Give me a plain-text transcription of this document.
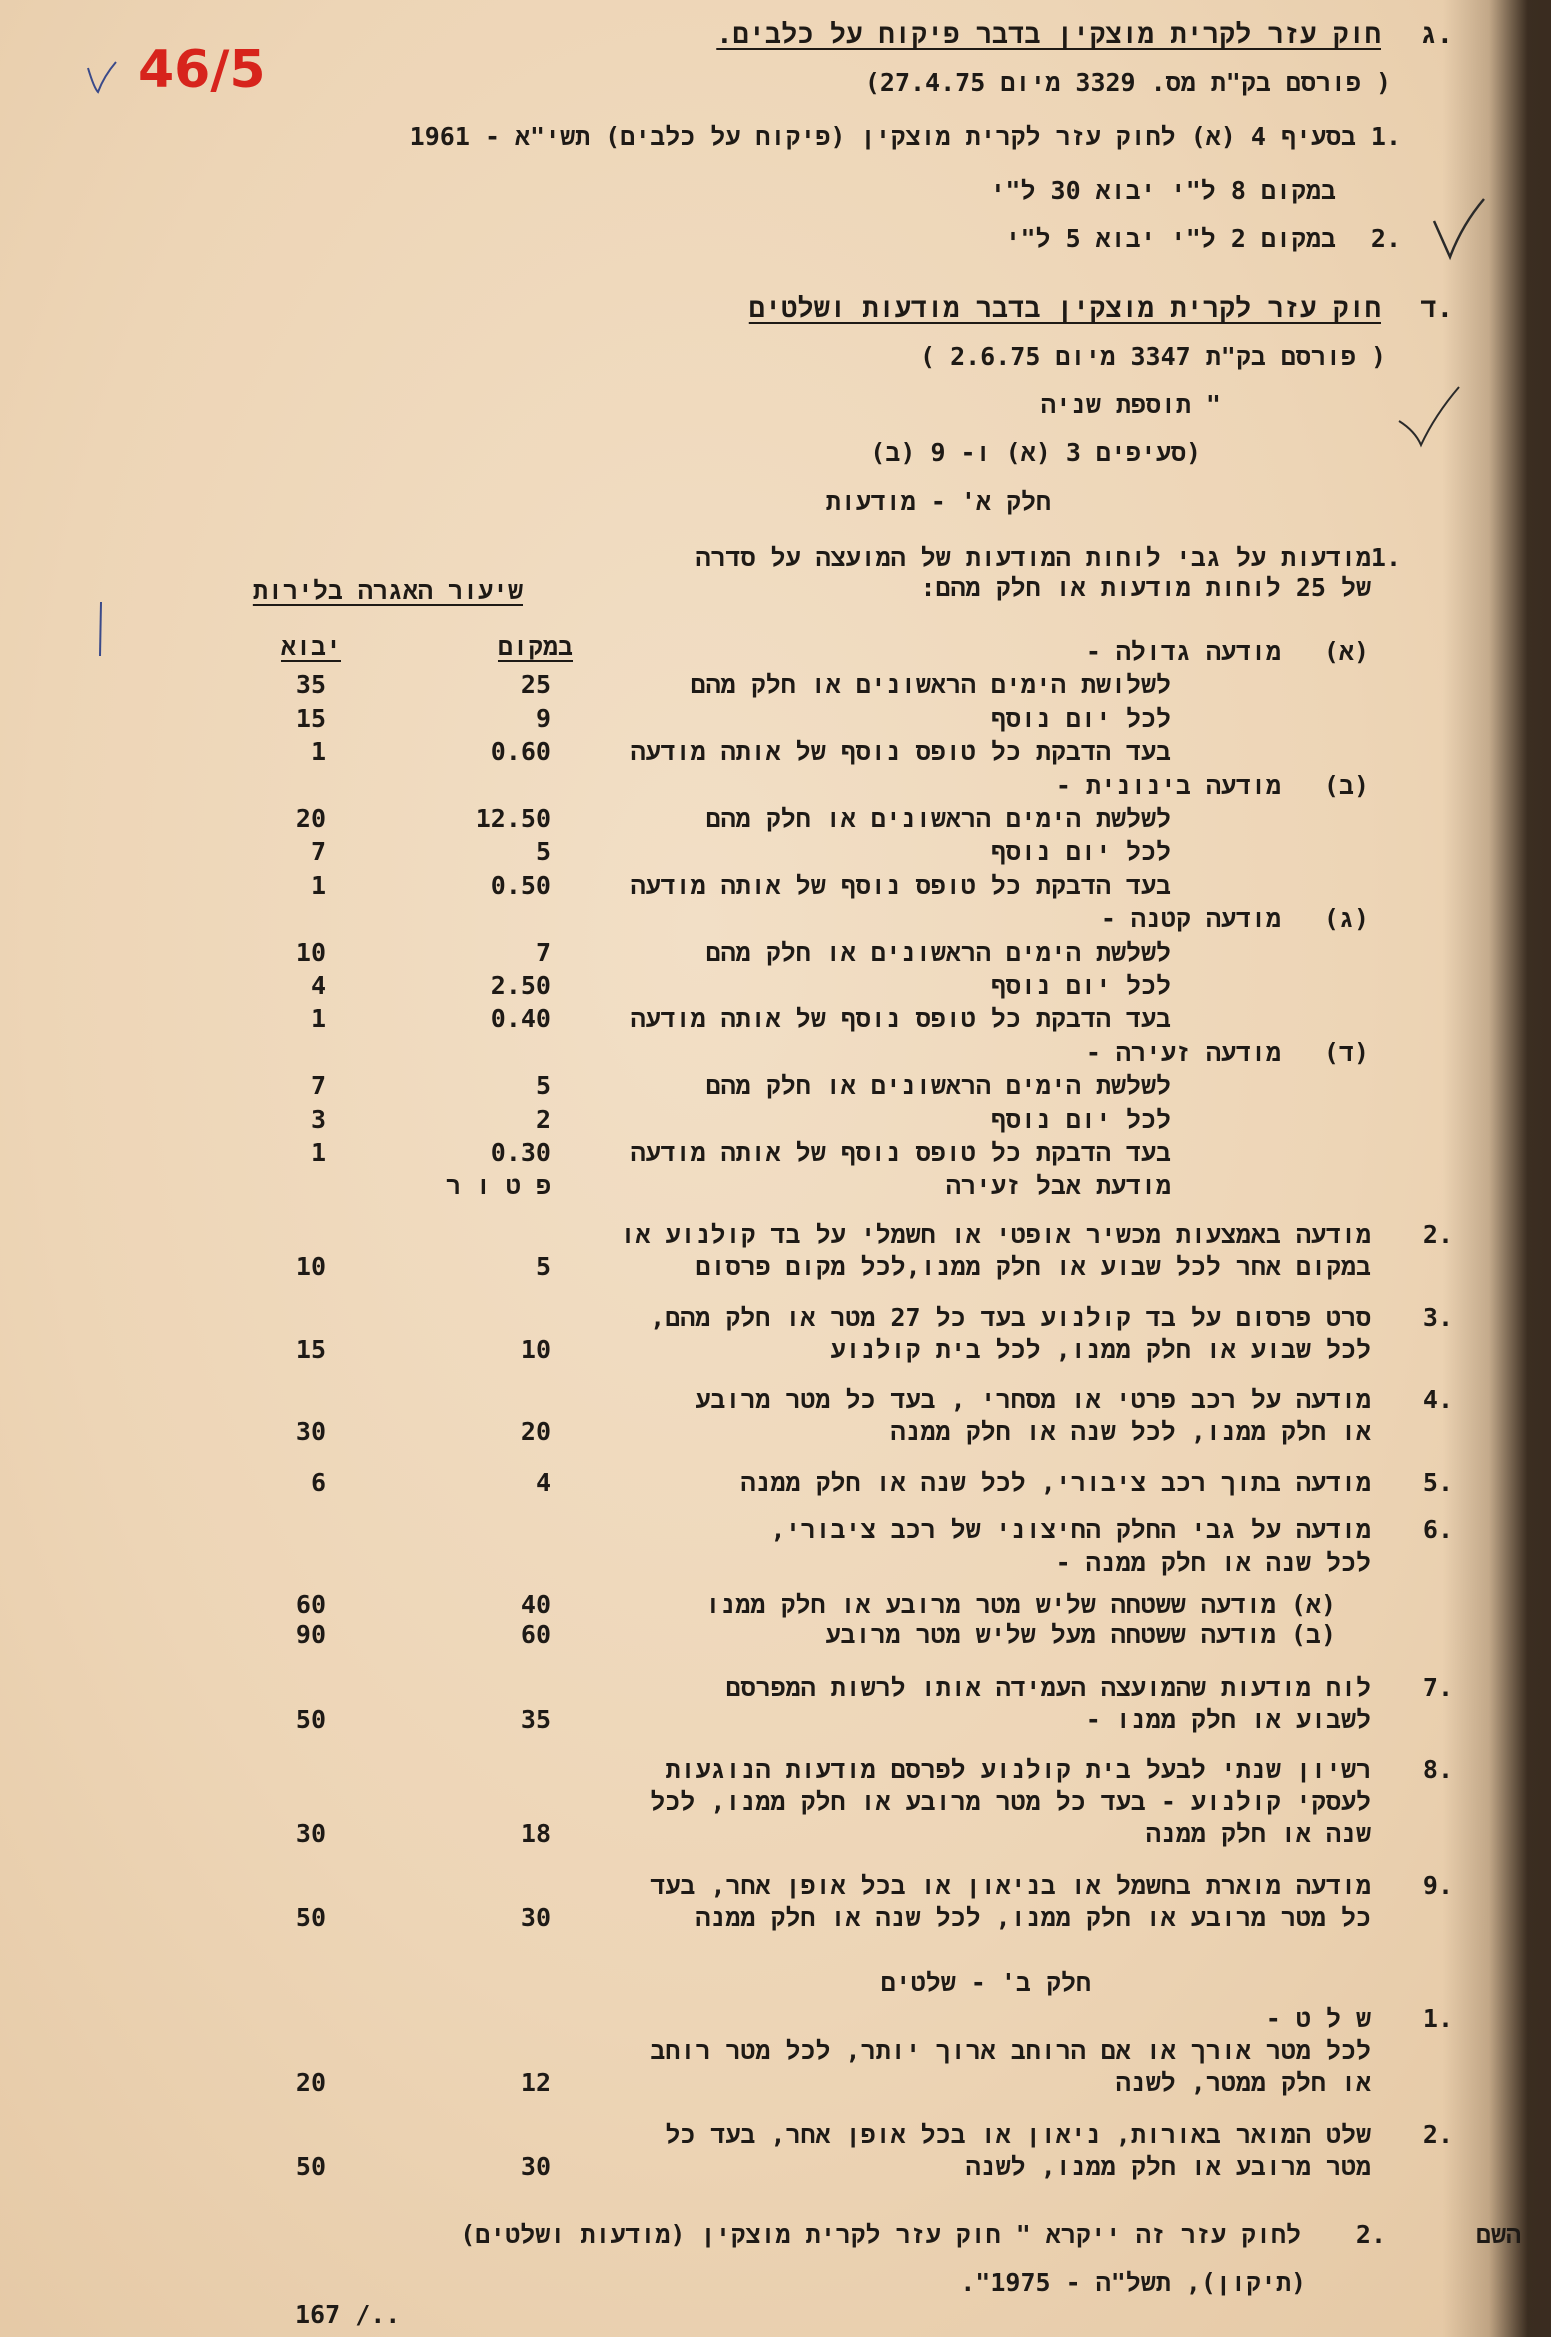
46/5
.ג
חוק עזר לקרית מוצקין בדבר פיקוח על כלבים.
( פורסם בק"ת מס. 3329 מיום 27.4.75)
.1
בסעיף 4 (א) לחוק עזר לקרית מוצקין (פיקוח על כלבים) תשי"א - 1961
במקום 8 ל"י יבוא 30 ל"י
.2
במקום 2 ל"י יבוא 5 ל"י
.ד
חוק עזר לקרית מוצקין בדבר מודעות ושלטים
( פורסם בק"ת 3347 מיום 2.6.75 )
" תוספת שניה
(סעיפים 3 (א) ו- 9 (ב)
חלק א' - מודעות
.1
מודעות על גבי לוחות המודעות של המועצה על סדרה
של 25 לוחות מודעות או חלק מהם:
שיעור האגרה בלירות
במקום
יבוא	(א)
מודעה גדולה -
לשלושת הימים הראשונים או חלק מהם
25
35
לכל יום נוסף
9
15
בעד הדבקת כל טופס נוסף של אותה מודעה
0.60
1
(ב)
מודעה בינונית -
לשלשת הימים הראשונים או חלק מהם
12.50
20
לכל יום נוסף
5
7
בעד הדבקת כל טופס נוסף של אותה מודעה
0.50
1
(ג)
מודעה קטנה -
לשלשת הימים הראשונים או חלק מהם
7
10
לכל יום נוסף
2.50
4
בעד הדבקת כל טופס נוסף של אותה מודעה
0.40
1
(ד)
מודעה זעירה -
לשלשת הימים הראשונים או חלק מהם
5
7
לכל יום נוסף
2
3
בעד הדבקת כל טופס נוסף של אותה מודעה
0.30
1
מודעת אבל זעירה
פ ט ו ר
.2
מודעה באמצעות מכשיר אופטי או חשמלי על בד קולנוע או
במקום אחר לכל שבוע או חלק ממנו,לכל מקום פרסום
5
10
.3
סרט פרסום על בד קולנוע בעד כל 27 מטר או חלק מהם,
לכל שבוע או חלק ממנו, לכל בית קולנוע
10
15
.4
מודעה על רכב פרטי או מסחרי , בעד כל מטר מרובע
או חלק ממנו, לכל שנה או חלק ממנה
20
30
.5
מודעה בתוך רכב ציבורי, לכל שנה או חלק ממנה
4
6
.6
מודעה על גבי החלק החיצוני של רכב ציבורי,
לכל שנה או חלק ממנה -
(א) מודעה ששטחה שליש מטר מרובע או חלק ממנו
40
60
(ב) מודעה ששטחה מעל שליש מטר מרובע
60
90
.7
לוח מודעות שהמועצה העמידה אותו לרשות המפרסם
לשבוע או חלק ממנו -
35
50
.8
רשיון שנתי לבעל בית קולנוע לפרסם מודעות הנוגעות
לעסקי קולנוע - בעד כל מטר מרובע או חלק ממנו, לכל
שנה או חלק ממנה
18
30
.9
מודעה מוארת בחשמל או בניאון או בכל אופן אחר, בעד
כל מטר מרובע או חלק ממנו, לכל שנה או חלק ממנה
30
50
חלק ב' - שלטים
.1
ש ל ט -
לכל מטר אורך או אם הרוחב ארוך יותר, לכל מטר רוחב
או חלק ממטר, לשנה
12
20
.2
שלט המואר באורות, ניאון או בכל אופן אחר, בעד כל
מטר מרובע או חלק ממנו, לשנה
30
50
השם
.2
לחוק עזר זה ייקרא " חוק עזר לקרית מוצקין (מודעות ושלטים)
(תיקון), תשל"ה - 1975".
167 /..
